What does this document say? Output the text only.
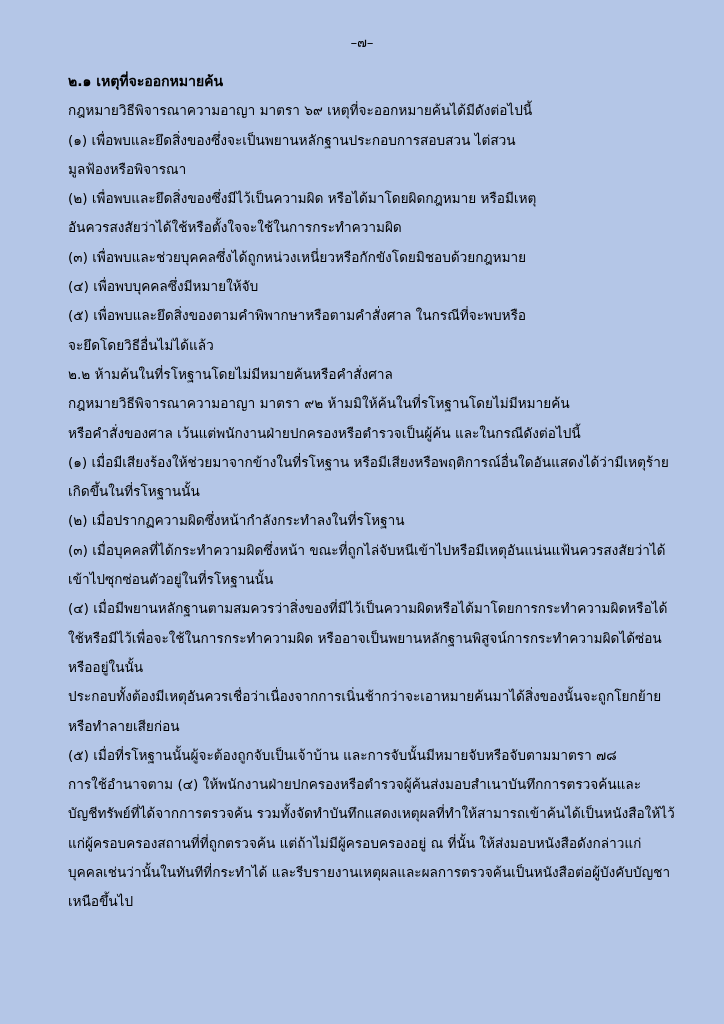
–๗–
๒.๑ เหตุที่จะออกหมายค้น
กฎหมายวิธีพิจารณาความอาญา มาตรา ๖๙ เหตุที่จะออกหมายค้นได้มีดังต่อไปนี้
(๑) เพื่อพบและยึดสิ่งของซึ่งจะเป็นพยานหลักฐานประกอบการสอบสวน ไต่สวน
มูลฟ้องหรือพิจารณา
(๒) เพื่อพบและยึดสิ่งของซึ่งมีไว้เป็นความผิด หรือได้มาโดยผิดกฎหมาย หรือมีเหตุ
อันควรสงสัยว่าได้ใช้หรือตั้งใจจะใช้ในการกระทำความผิด
(๓) เพื่อพบและช่วยบุคคลซึ่งได้ถูกหน่วงเหนี่ยวหรือกักขังโดยมิชอบด้วยกฎหมาย
(๔) เพื่อพบบุคคลซึ่งมีหมายให้จับ
(๕) เพื่อพบและยึดสิ่งของตามคำพิพากษาหรือตามคำสั่งศาล ในกรณีที่จะพบหรือ
จะยึดโดยวิธีอื่นไม่ได้แล้ว
๒.๒ ห้ามค้นในที่รโหฐานโดยไม่มีหมายค้นหรือคำสั่งศาล
กฎหมายวิธีพิจารณาความอาญา มาตรา ๙๒ ห้ามมิให้ค้นในที่รโหฐานโดยไม่มีหมายค้น
หรือคำสั่งของศาล เว้นแต่พนักงานฝ่ายปกครองหรือตำรวจเป็นผู้ค้น และในกรณีดังต่อไปนี้
(๑) เมื่อมีเสียงร้องให้ช่วยมาจากข้างในที่รโหฐาน หรือมีเสียงหรือพฤติการณ์อื่นใดอันแสดงได้ว่ามีเหตุร้าย
เกิดขึ้นในที่รโหฐานนั้น
(๒) เมื่อปรากฏความผิดซึ่งหน้ากำลังกระทำลงในที่รโหฐาน
(๓) เมื่อบุคคลที่ได้กระทำความผิดซึ่งหน้า ขณะที่ถูกไล่จับหนีเข้าไปหรือมีเหตุอันแน่นแฟ้นควรสงสัยว่าได้
เข้าไปซุกซ่อนตัวอยู่ในที่รโหฐานนั้น
(๔) เมื่อมีพยานหลักฐานตามสมควรว่าสิ่งของที่มีไว้เป็นความผิดหรือได้มาโดยการกระทำความผิดหรือได้
ใช้หรือมีไว้เพื่อจะใช้ในการกระทำความผิด หรืออาจเป็นพยานหลักฐานพิสูจน์การกระทำความผิดได้ซ่อน
หรืออยู่ในนั้น
ประกอบทั้งต้องมีเหตุอันควรเชื่อว่าเนื่องจากการเนิ่นช้ากว่าจะเอาหมายค้นมาได้สิ่งของนั้นจะถูกโยกย้าย
หรือทำลายเสียก่อน
(๕) เมื่อที่รโหฐานนั้นผู้จะต้องถูกจับเป็นเจ้าบ้าน และการจับนั้นมีหมายจับหรือจับตามมาตรา ๗๘
การใช้อำนาจตาม (๔) ให้พนักงานฝ่ายปกครองหรือตำรวจผู้ค้นส่งมอบสำเนาบันทึกการตรวจค้นและ
บัญชีทรัพย์ที่ได้จากการตรวจค้น รวมทั้งจัดทำบันทึกแสดงเหตุผลที่ทำให้สามารถเข้าค้นได้เป็นหนังสือให้ไว้
แก่ผู้ครอบครองสถานที่ที่ถูกตรวจค้น แต่ถ้าไม่มีผู้ครอบครองอยู่ ณ ที่นั้น ให้ส่งมอบหนังสือดังกล่าวแก่
บุคคลเช่นว่านั้นในทันทีที่กระทำได้ และรีบรายงานเหตุผลและผลการตรวจค้นเป็นหนังสือต่อผู้บังคับบัญชา
เหนือขึ้นไป
